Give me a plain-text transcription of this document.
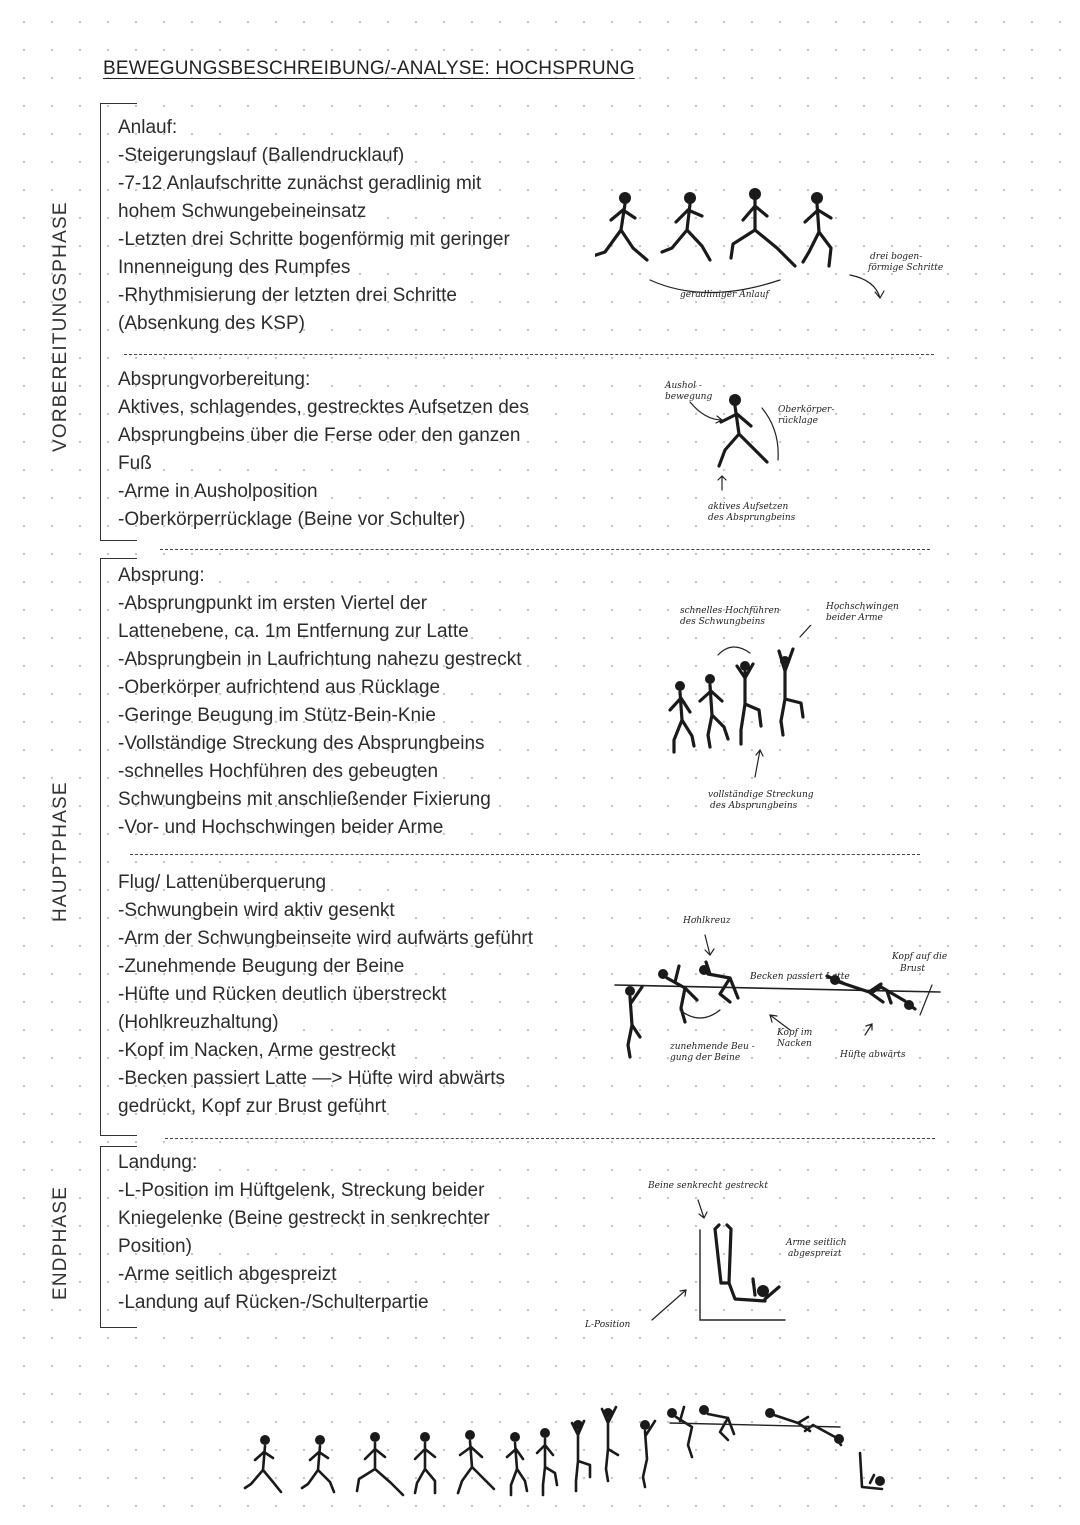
BEWEGUNGSBESCHREIBUNG/-ANALYSE: HOCHSPRUNG
VORBEREITUNGSPHASE
HAUPTPHASE
ENDPHASE
Anlauf:
-Steigerungslauf (Ballendrucklauf)
-7-12 Anlaufschritte zunächst geradlinig mit
hohem Schwungebeineinsatz
-Letzten drei Schritte bogenförmig mit geringer
Innenneigung des Rumpfes
-Rhythmisierung der letzten drei Schritte
(Absenkung des KSP)
Absprungvorbereitung:
Aktives, schlagendes, gestrecktes Aufsetzen des
Absprungbeins über die Ferse oder den ganzen
Fuß
-Arme in Ausholposition
-Oberkörperrücklage (Beine vor Schulter)
Absprung:
-Absprungpunkt im ersten Viertel der
Lattenebene, ca. 1m Entfernung zur Latte
-Absprungbein in Laufrichtung nahezu gestreckt
-Oberkörper aufrichtend aus Rücklage
-Geringe Beugung im Stütz-Bein-Knie
-Vollständige Streckung des Absprungbeins
-schnelles Hochführen des gebeugten
Schwungbeins mit anschließender Fixierung
-Vor- und Hochschwingen beider Arme
Flug/ Lattenüberquerung
-Schwungbein wird aktiv gesenkt
-Arm der Schwungbeinseite wird aufwärts geführt
-Zunehmende Beugung der Beine
-Hüfte und Rücken deutlich überstreckt
(Hohlkreuzhaltung)
-Kopf im Nacken, Arme gestreckt
-Becken passiert Latte —> Hüfte wird abwärts
gedrückt, Kopf zur Brust geführt
Landung:
-L-Position im Hüftgelenk, Streckung beider
Kniegelenke (Beine gestreckt in senkrechter
Position)
-Arme seitlich abgespreizt
-Landung auf Rücken-/Schulterpartie
geradliniger Anlauf
drei bogen-
förmige Schritte
Aushol -
bewegung
Oberkörper-
rücklage
aktives Aufsetzen
des Absprungbeins
schnelles Hochführen
des Schwungbeins
Hochschwingen
beider Arme
vollständige Streckung
des Absprungbeins
Hohlkreuz
Becken passiert Latte
Kopf auf die
Brust
zunehmende Beu -
gung der Beine
Kopf im
Nacken
Hüfte abwärts
Beine senkrecht gestreckt
Arme seitlich
abgespreizt
L-Position
